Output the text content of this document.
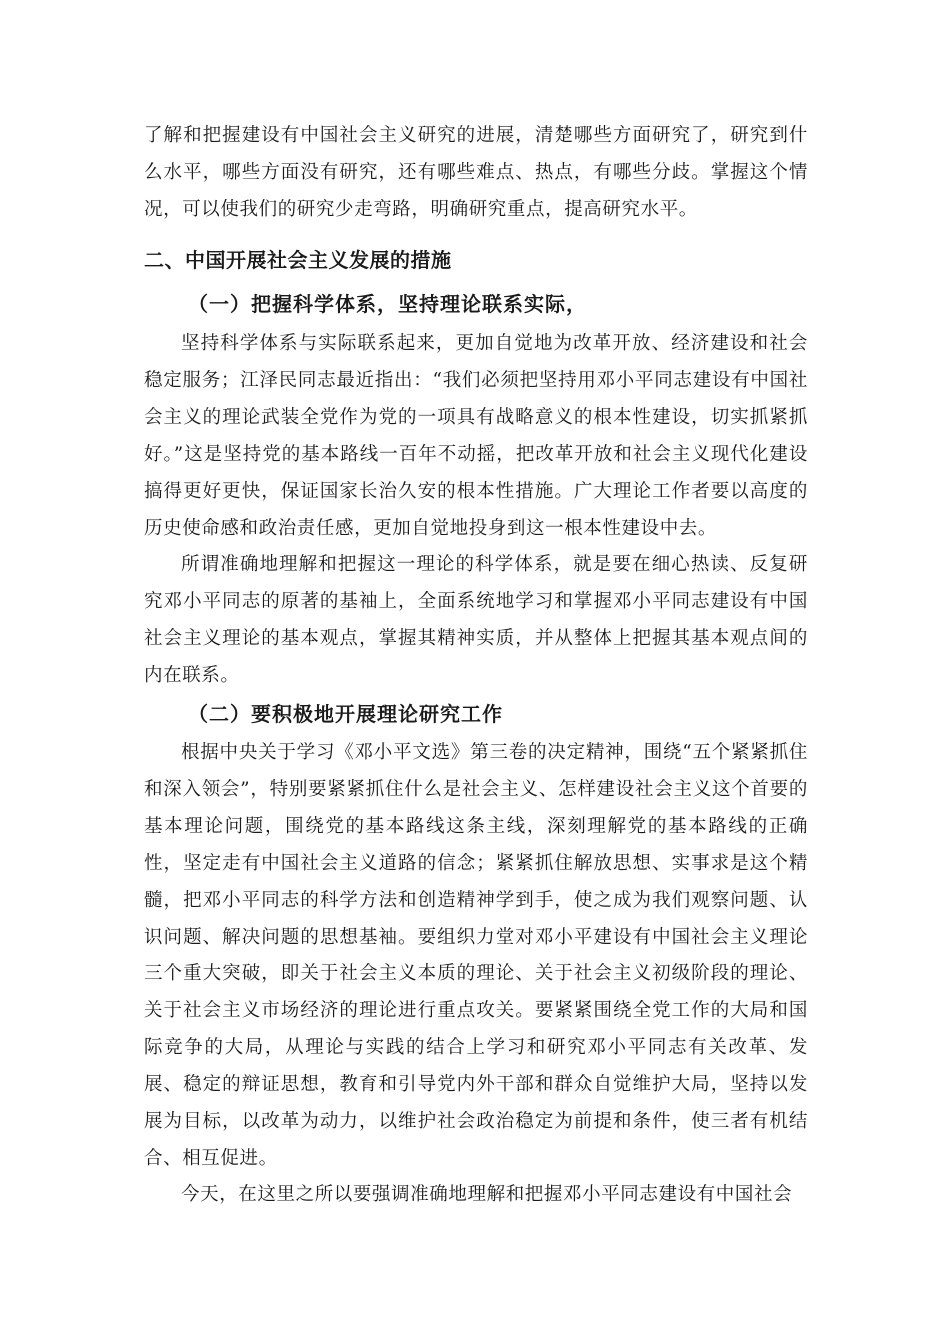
了解和把握建设有中国社会主义研究的进展，清楚哪些方面研究了，研究到什么水平，哪些方面没有研究，还有哪些难点、热点，有哪些分歧。掌握这个情况，可以使我们的研究少走弯路，明确研究重点，提高研究水平。

二、中国开展社会主义发展的措施
（一）把握科学体系，坚持理论联系实际，

坚持科学体系与实际联系起来，更加自觉地为改革开放、经济建设和社会稳定服务；江泽民同志最近指出：“我们必须把坚持用邓小平同志建设有中国社会主义的理论武装全党作为党的一项具有战略意义的根本性建设，切实抓紧抓好。”这是坚持党的基本路线一百年不动摇，把改革开放和社会主义现代化建设搞得更好更快，保证国家长治久安的根本性措施。广大理论工作者要以高度的历史使命感和政治责任感，更加自觉地投身到这一根本性建设中去。

所谓准确地理解和把握这一理论的科学体系，就是要在细心热读、反复研究邓小平同志的原著的基袖上，全面系统地学习和掌握邓小平同志建设有中国社会主义理论的基本观点，掌握其精神实质，并从整体上把握其基本观点间的内在联系。

（二）要积极地开展理论研究工作

根据中央关于学习《邓小平文选》第三卷的决定精神，围绕“五个紧紧抓住和深入领会”，特别要紧紧抓住什么是社会主义、怎样建设社会主义这个首要的基本理论问题，围绕党的基本路线这条主线，深刻理解党的基本路线的正确性，坚定走有中国社会主义道路的信念；紧紧抓住解放思想、实事求是这个精髓，把邓小平同志的科学方法和创造精神学到手，使之成为我们观察问题、认识问题、解决问题的思想基袖。要组织力堂对邓小平建设有中国社会主义理论三个重大突破，即关于社会主义本质的理论、关于社会主义初级阶段的理论、关于社会主义市场经济的理论进行重点攻关。要紧紧围绕全党工作的大局和国际竞争的大局，从理论与实践的结合上学习和研究邓小平同志有关改革、发展、稳定的辩证思想，教育和引导党内外干部和群众自觉维护大局，坚持以发展为目标，以改革为动力，以维护社会政治稳定为前提和条件，使三者有机结合、相互促进。

今天，在这里之所以要强调准确地理解和把握邓小平同志建设有中国社会
